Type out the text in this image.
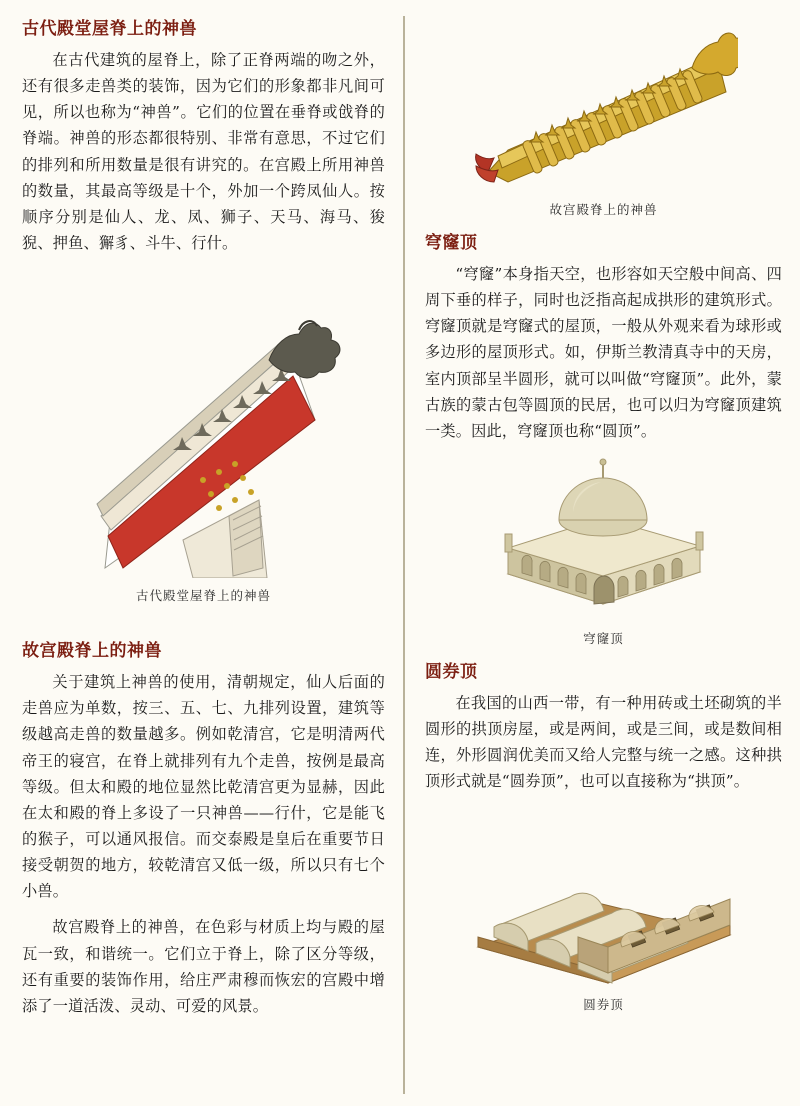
古代殿堂屋脊上的神兽

在古代建筑的屋脊上，除了正脊两端的吻之外，还有很多走兽类的装饰，因为它们的形象都非凡间可见，所以也称为“神兽”。它们的位置在垂脊或戗脊的脊端。神兽的形态都很特别、非常有意思，不过它们的排列和所用数量是很有讲究的。在宫殿上所用神兽的数量，其最高等级是十个，外加一个跨凤仙人。按顺序分别是仙人、龙、凤、狮子、天马、海马、狻猊、押鱼、獬豸、斗牛、行什。

古代殿堂屋脊上的神兽
故宫殿脊上的神兽

关于建筑上神兽的使用，清朝规定，仙人后面的走兽应为单数，按三、五、七、九排列设置，建筑等级越高走兽的数量越多。例如乾清宫，它是明清两代帝王的寝宫，在脊上就排列有九个走兽，按例是最高等级。但太和殿的地位显然比乾清宫更为显赫，因此在太和殿的脊上多设了一只神兽——行什，它是能飞的猴子，可以通风报信。而交泰殿是皇后在重要节日接受朝贺的地方，较乾清宫又低一级，所以只有七个小兽。

故宫殿脊上的神兽，在色彩与材质上均与殿的屋瓦一致，和谐统一。它们立于脊上，除了区分等级，还有重要的装饰作用，给庄严肃穆而恢宏的宫殿中增添了一道活泼、灵动、可爱的风景。

故宫殿脊上的神兽
穹窿顶

“穹窿”本身指天空，也形容如天空般中间高、四周下垂的样子，同时也泛指高起成拱形的建筑形式。穹窿顶就是穹窿式的屋顶，一般从外观来看为球形或多边形的屋顶形式。如，伊斯兰教清真寺中的天房，室内顶部呈半圆形，就可以叫做“穹窿顶”。此外，蒙古族的蒙古包等圆顶的民居，也可以归为穹窿顶建筑一类。因此，穹窿顶也称“圆顶”。

穹窿顶
圆券顶

在我国的山西一带，有一种用砖或土坯砌筑的半圆形的拱顶房屋，或是两间，或是三间，或是数间相连，外形圆润优美而又给人完整与统一之感。这种拱顶形式就是“圆券顶”，也可以直接称为“拱顶”。

圆券顶
